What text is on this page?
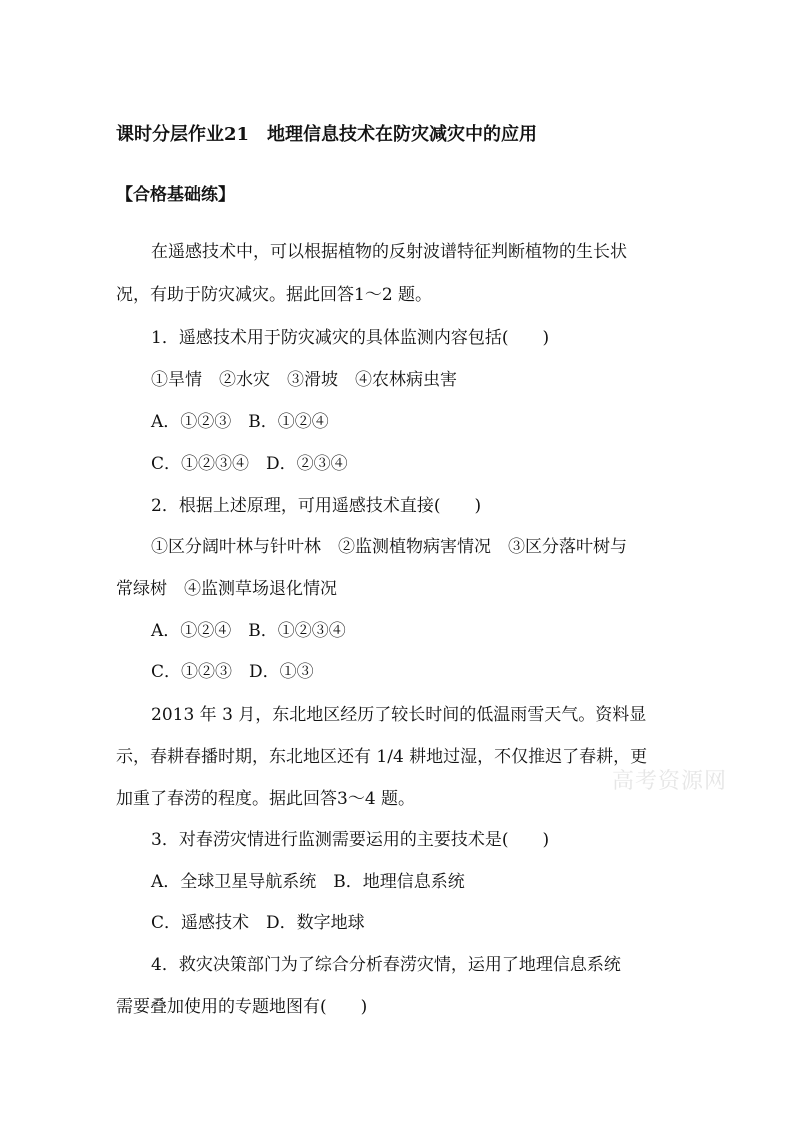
课时分层作业21　地理信息技术在防灾减灾中的应用
【合格基础练】
在遥感技术中，可以根据植物的反射波谱特征判断植物的生长状
况，有助于防灾减灾。据此回答1～2 题。
1．遥感技术用于防灾减灾的具体监测内容包括(　　)
①旱情　②水灾　③滑坡　④农林病虫害
A．①②③　B．①②④
C．①②③④　D．②③④
2．根据上述原理，可用遥感技术直接(　　)
①区分阔叶林与针叶林　②监测植物病害情况　③区分落叶树与
常绿树　④监测草场退化情况
A．①②④　B．①②③④
C．①②③　D．①③
2013 年 3 月，东北地区经历了较长时间的低温雨雪天气。资料显
示，春耕春播时期，东北地区还有 1/4 耕地过湿，不仅推迟了春耕，更
加重了春涝的程度。据此回答3～4 题。
3．对春涝灾情进行监测需要运用的主要技术是(　　)
A．全球卫星导航系统　B．地理信息系统
C．遥感技术　D．数字地球
4．救灾决策部门为了综合分析春涝灾情，运用了地理信息系统
需要叠加使用的专题地图有(　　)
高考资源网
